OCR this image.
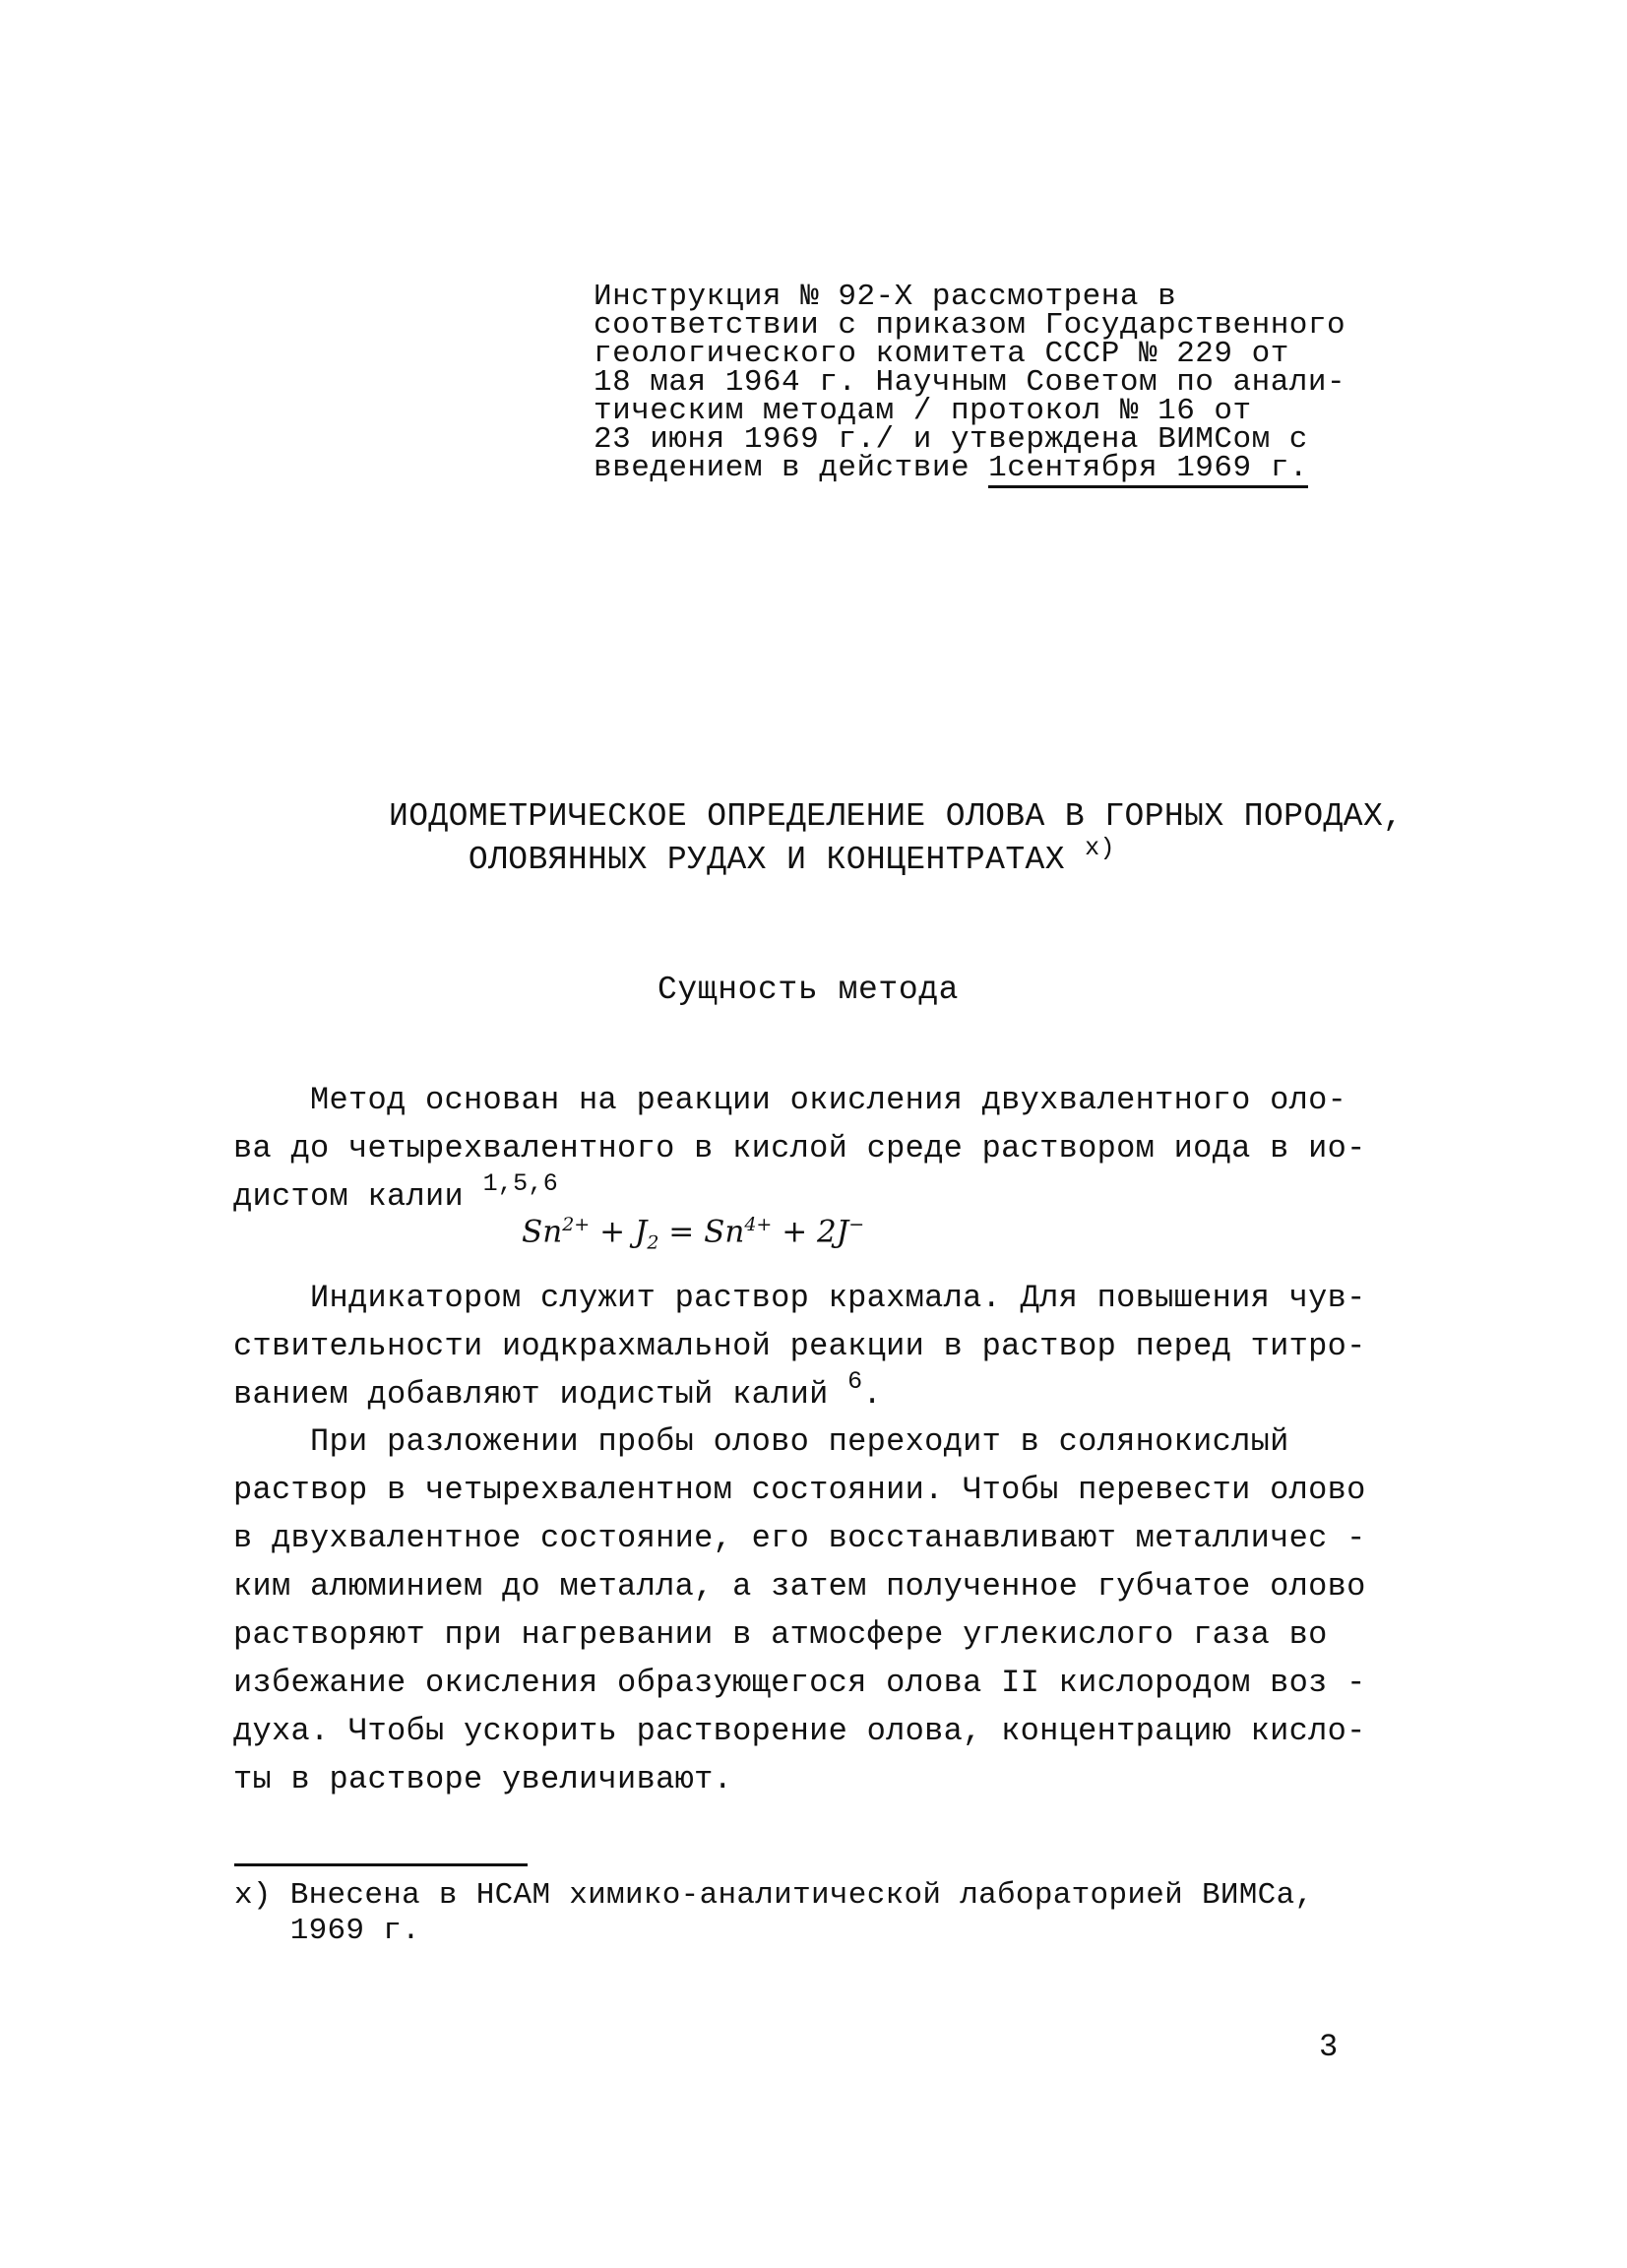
Инструкция № 92-Х рассмотрена в
соответствии с приказом Государственного
геологического комитета СССР № 229 от
18 мая 1964 г. Научным Советом по анали-
тическим методам / протокол № 16 от
23 июня 1969 г./ и утверждена ВИМСом с
введением в действие 1сентября 1969 г.
ИОДОМЕТРИЧЕСКОЕ ОПРЕДЕЛЕНИЕ ОЛОВА В ГОРНЫХ ПОРОДАХ,
ОЛОВЯННЫХ РУДАХ И КОНЦЕНТРАТАХ $^{х)}$
Сущность метода
Метод основан на реакции окисления двухвалентного оло-
ва до четырехвалентного в кислой среде раствором иода в ио-
дистом калии $^{1,5,6}$
$Sn^{2+} + J_2 = Sn^{4+} + 2J^-$
Индикатором служит раствор крахмала. Для повышения чув-
ствительности иодкрахмальной реакции в раствор перед титро-
ванием добавляют иодистый калий $^6$.
При разложении пробы олово переходит в солянокислый
раствор в четырехвалентном состоянии. Чтобы перевести олово
в двухвалентное состояние, его восстанавливают металличес -
ким алюминием до металла, а затем полученное губчатое олово
растворяют при нагревании в атмосфере углекислого газа во
избежание окисления образующегося олова II кислородом воз -
духа. Чтобы ускорить растворение олова, концентрацию кисло-
ты в растворе увеличивают.
х) Внесена в НСАМ химико-аналитической лабораторией ВИМСа,
1969 г.
3
